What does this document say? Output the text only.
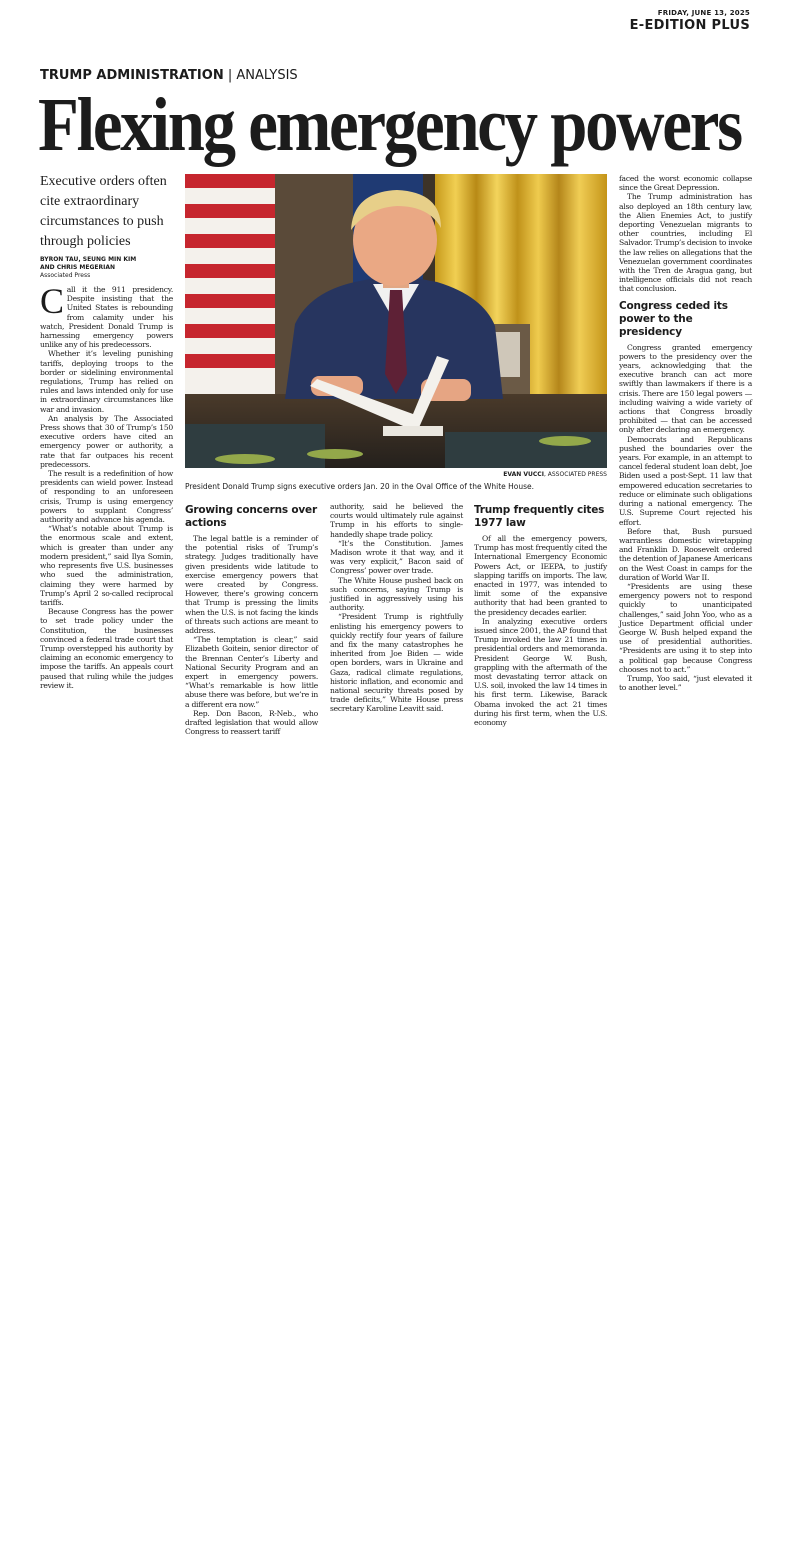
FRIDAY, JUNE 13, 2025
E-EDITION PLUS
TRUMP ADMINISTRATION | ANALYSIS
Flexing emergency powers
Executive orders often cite extraordinary circumstances to push through policies
BYRON TAU, SEUNG MIN KIM
AND CHRIS MEGERIAN
Associated Press

Call it the 911 presidency. Despite insisting that the United States is rebounding from calamity under his watch, President Donald Trump is harnessing emergency powers unlike any of his predecessors.

Whether it’s leveling punishing tariffs, deploying troops to the border or sidelining environmental regulations, Trump has relied on rules and laws intended only for use in extraordinary circumstances like war and invasion.

An analysis by The Associated Press shows that 30 of Trump’s 150 executive orders have cited an emergency power or authority, a rate that far outpaces his recent predecessors.

The result is a redefinition of how presidents can wield power. Instead of responding to an unforeseen crisis, Trump is using emergency powers to supplant Congress’ authority and advance his agenda.

“What’s notable about Trump is the enormous scale and extent, which is greater than under any modern president,” said Ilya Somin, who represents five U.S. businesses who sued the administration, claiming they were harmed by Trump’s April 2 so-called reciprocal tariffs.

Because Congress has the power to set trade policy under the Constitution, the businesses convinced a federal trade court that Trump overstepped his authority by claiming an economic emergency to impose the tariffs. An appeals court paused that ruling while the judges review it.

EVAN VUCCI, ASSOCIATED PRESS
President Donald Trump signs executive orders Jan. 20 in the Oval Office of the White House.
Growing concerns over actions

The legal battle is a reminder of the potential risks of Trump’s strategy. Judges traditionally have given presidents wide latitude to exercise emergency powers that were created by Congress. However, there’s growing concern that Trump is pressing the limits when the U.S. is not facing the kinds of threats such actions are meant to address.

“The temptation is clear,” said Elizabeth Goitein, senior director of the Brennan Center’s Liberty and National Security Program and an expert in emergency powers. “What’s remarkable is how little abuse there was before, but we’re in a different era now.”

Rep. Don Bacon, R-Neb., who drafted legislation that would allow Congress to reassert tariff

authority, said he believed the courts would ultimately rule against Trump in his efforts to single-handedly shape trade policy.

“It’s the Constitution. James Madison wrote it that way, and it was very explicit,” Bacon said of Congress’ power over trade.

The White House pushed back on such concerns, saying Trump is justified in aggressively using his authority.

“President Trump is rightfully enlisting his emergency powers to quickly rectify four years of failure and fix the many catastrophes he inherited from Joe Biden — wide open borders, wars in Ukraine and Gaza, radical climate regulations, historic inflation, and economic and national security threats posed by trade deficits,” White House press secretary Karoline Leavitt said.

Trump frequently cites 1977 law

Of all the emergency powers, Trump has most frequently cited the International Emergency Economic Powers Act, or IEEPA, to justify slapping tariffs on imports. The law, enacted in 1977, was intended to limit some of the expansive authority that had been granted to the presidency decades earlier.

In analyzing executive orders issued since 2001, the AP found that Trump invoked the law 21 times in presidential orders and memoranda. President George W. Bush, grappling with the aftermath of the most devastating terror attack on U.S. soil, invoked the law 14 times in his first term. Likewise, Barack Obama invoked the act 21 times during his first term, when the U.S. economy

faced the worst economic collapse since the Great Depression.

The Trump administration has also deployed an 18th century law, the Alien Enemies Act, to justify deporting Venezuelan migrants to other countries, including El Salvador. Trump’s decision to invoke the law relies on allegations that the Venezuelan government coordinates with the Tren de Aragua gang, but intelligence officials did not reach that conclusion.

Congress ceded its power to the presidency

Congress granted emergency powers to the presidency over the years, acknowledging that the executive branch can act more swiftly than lawmakers if there is a crisis. There are 150 legal powers — including waiving a wide variety of actions that Congress broadly prohibited — that can be accessed only after declaring an emergency.

Democrats and Republicans pushed the boundaries over the years. For example, in an attempt to cancel federal student loan debt, Joe Biden used a post-Sept. 11 law that empowered education secretaries to reduce or eliminate such obligations during a national emergency. The U.S. Supreme Court rejected his effort.

Before that, Bush pursued warrantless domestic wiretapping and Franklin D. Roosevelt ordered the detention of Japanese Americans on the West Coast in camps for the duration of World War II.

“Presidents are using these emergency powers not to respond quickly to unanticipated challenges,” said John Yoo, who as a Justice Department official under George W. Bush helped expand the use of presidential authorities. “Presidents are using it to step into a political gap because Congress chooses not to act.”

Trump, Yoo said, “just elevated it to another level.”
